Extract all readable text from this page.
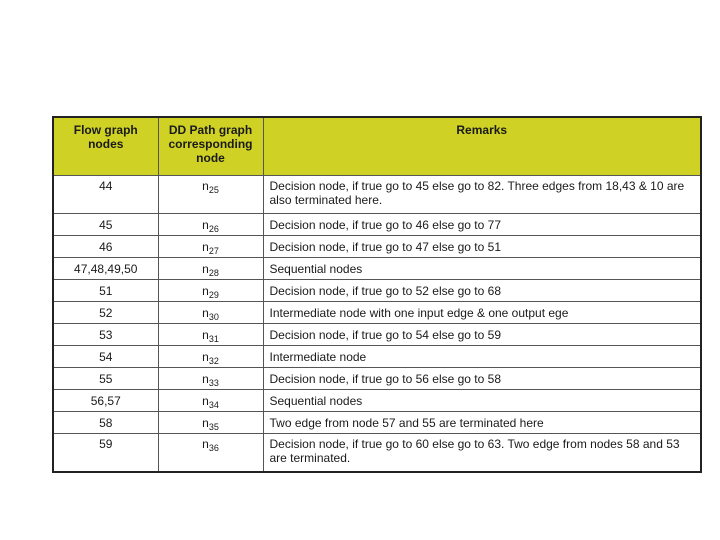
Flow graph nodes	DD Path graph corresponding node	Remarks
44	$n_{25}$	Decision node, if true go to 45 else go to 82. Three edges from 18,43 & 10 are also terminated here.
45	$n_{26}$	Decision node, if true go to 46 else go to 77
46	$n_{27}$	Decision node, if true go to 47 else go to 51
47,48,49,50	$n_{28}$	Sequential nodes
51	$n_{29}$	Decision node, if true go to 52 else go to 68
52	$n_{30}$	Intermediate node with one input edge & one output ege
53	$n_{31}$	Decision node, if true go to 54 else go to 59
54	$n_{32}$	Intermediate node
55	$n_{33}$	Decision node, if true go to 56 else go to 58
56,57	$n_{34}$	Sequential nodes
58	$n_{35}$	Two edge from node 57 and 55 are terminated here
59	$n_{36}$	Decision node, if true go to 60 else go to 63. Two edge from nodes 58 and 53 are terminated.
